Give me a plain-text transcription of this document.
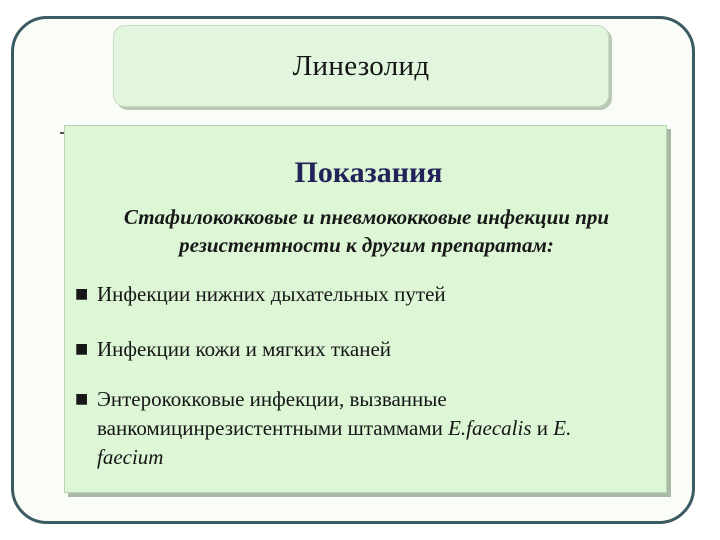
Линезолид
Показания
Стафилококковые и пневмококковые инфекции при резистентности к другим препаратам:
■ Инфекции нижних дыхательных путей
■ Инфекции кожи и мягких тканей
■ Энтерококковые инфекции, вызванные ванкомицинрезистентными штаммами E.faecalis и E. faecium
